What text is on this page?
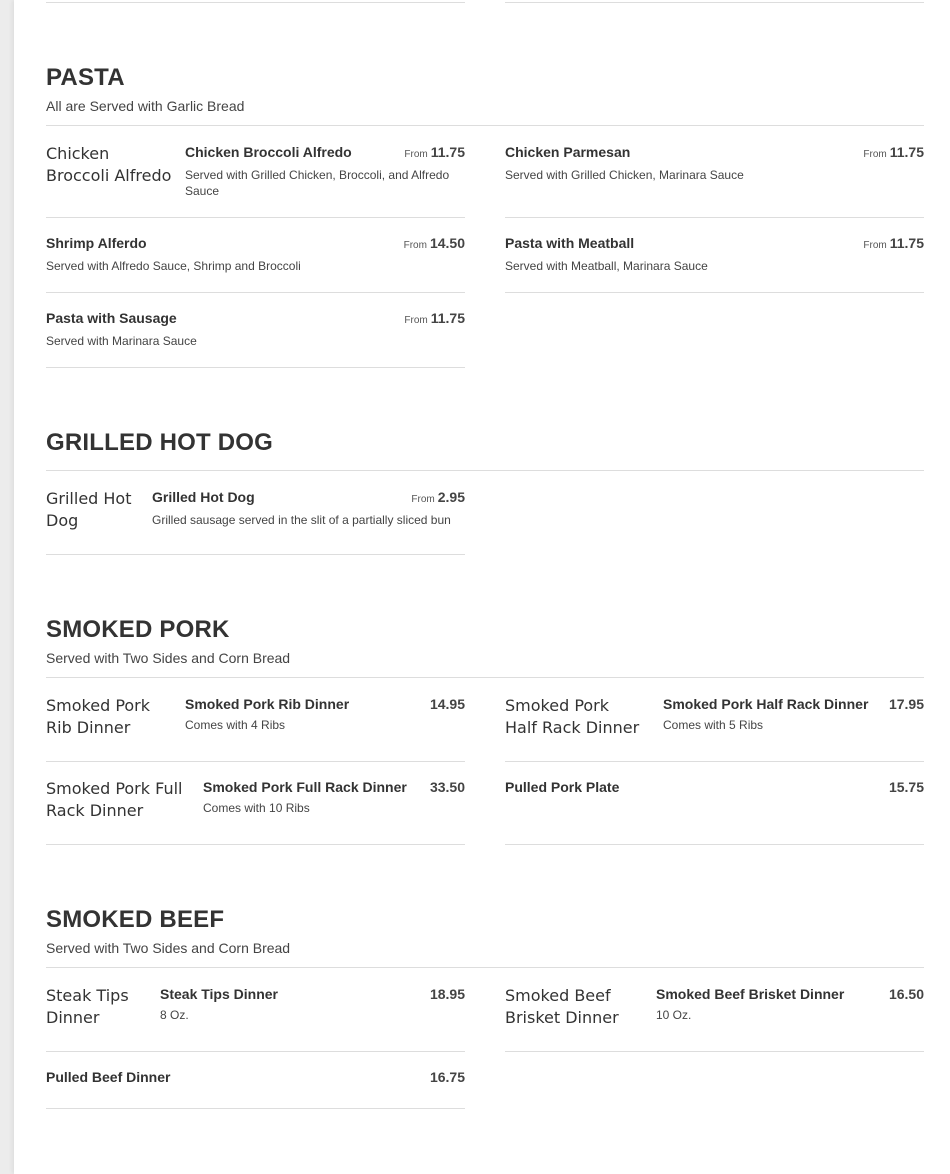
PASTA
All are Served with Garlic Bread
Chicken Broccoli Alfredo
Chicken Broccoli Alfredo	From 11.75
Served with Grilled Chicken, Broccoli, and Alfredo Sauce
Chicken Parmesan	From 11.75
Served with Grilled Chicken, Marinara Sauce
Shrimp Alferdo	From 14.50
Served with Alfredo Sauce, Shrimp and Broccoli
Pasta with Meatball	From 11.75
Served with Meatball, Marinara Sauce
Pasta with Sausage	From 11.75
Served with Marinara Sauce
GRILLED HOT DOG
Grilled Hot Dog
Grilled Hot Dog	From 2.95
Grilled sausage served in the slit of a partially sliced bun
SMOKED PORK
Served with Two Sides and Corn Bread
Smoked Pork Rib Dinner
Smoked Pork Rib Dinner	14.95
Comes with 4 Ribs
Smoked Pork Half Rack Dinner
Smoked Pork Half Rack Dinner 17.95
Comes with 5 Ribs
Smoked Pork Full Rack Dinner
Smoked Pork Full Rack Dinner 33.50
Comes with 10 Ribs
Pulled Pork Plate	15.75
SMOKED BEEF
Served with Two Sides and Corn Bread
Steak Tips Dinner
Steak Tips Dinner	18.95
8 Oz.
Smoked Beef Brisket Dinner
Smoked Beef Brisket Dinner	16.50
10 Oz.
Pulled Beef Dinner	16.75
